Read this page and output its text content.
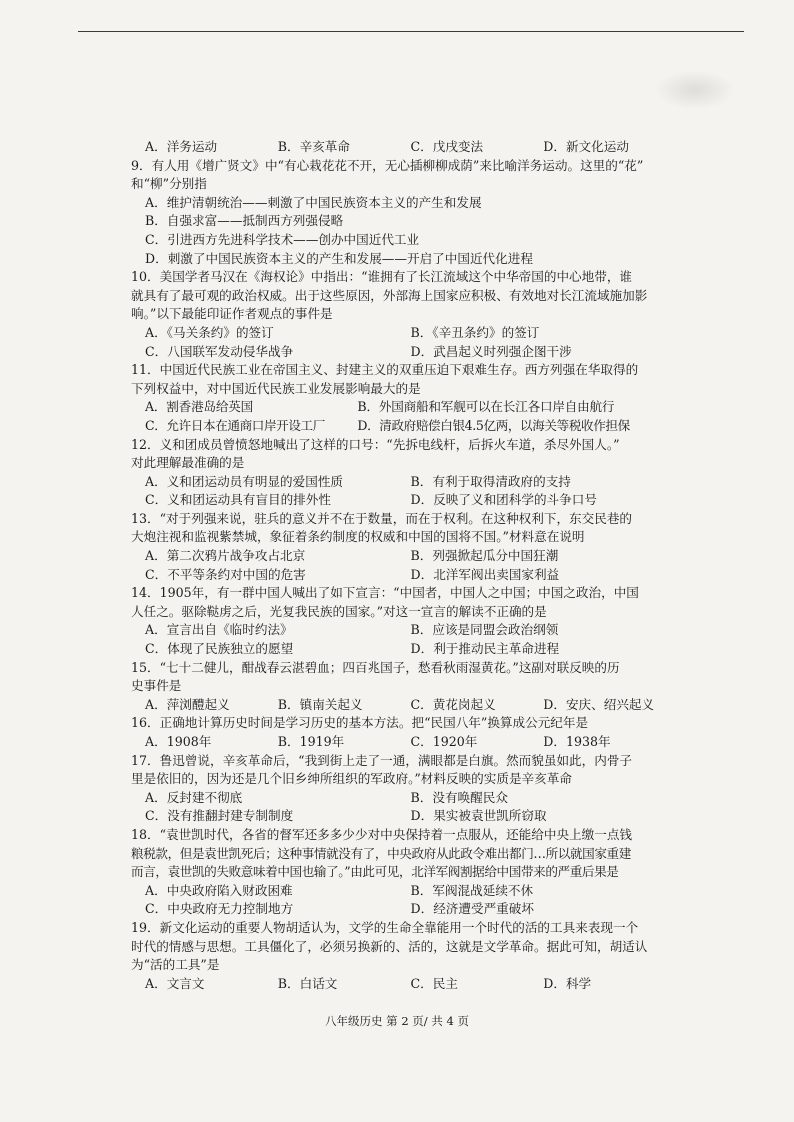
A．洋务运动	B．辛亥革命	C．戊戌变法	D．新文化运动
9．有人用《增广贤文》中“有心栽花花不开，无心插柳柳成荫”来比喻洋务运动。这里的“花”
和“柳”分别指
A．维护清朝统治——刺激了中国民族资本主义的产生和发展
B．自强求富——抵制西方列强侵略
C．引进西方先进科学技术——创办中国近代工业
D．刺激了中国民族资本主义的产生和发展——开启了中国近代化进程
10．美国学者马汉在《海权论》中指出：“谁拥有了长江流域这个中华帝国的中心地带，谁
就具有了最可观的政治权威。出于这些原因，外部海上国家应积极、有效地对长江流域施加影
响。”以下最能印证作者观点的事件是
A．《马关条约》的签订	B．《辛丑条约》的签订
C．八国联军发动侵华战争	D．武昌起义时列强企图干涉
11．中国近代民族工业在帝国主义、封建主义的双重压迫下艰难生存。西方列强在华取得的
下列权益中，对中国近代民族工业发展影响最大的是
A．割香港岛给英国	B．外国商船和军舰可以在长江各口岸自由航行
C．允许日本在通商口岸开设工厂	D．清政府赔偿白银4.5亿两，以海关等税收作担保
12．义和团成员曾愤怒地喊出了这样的口号：“先拆电线杆，后拆火车道，杀尽外国人。”
对此理解最准确的是
A．义和团运动员有明显的爱国性质	B．有利于取得清政府的支持
C．义和团运动具有盲目的排外性	D．反映了义和团科学的斗争口号
13．“对于列强来说，驻兵的意义并不在于数量，而在于权利。在这种权利下，东交民巷的
大炮注视和监视紫禁城，象征着条约制度的权威和中国的国将不国。”材料意在说明
A．第二次鸦片战争攻占北京	B．列强掀起瓜分中国狂潮
C．不平等条约对中国的危害	D．北洋军阀出卖国家利益
14．1905年，有一群中国人喊出了如下宣言：“中国者，中国人之中国；中国之政治，中国
人任之。驱除鞑虏之后，光复我民族的国家。”对这一宣言的解读不正确的是
A．宣言出自《临时约法》	B．应该是同盟会政治纲领
C．体现了民族独立的愿望	D．利于推动民主革命进程
15．“七十二健儿，酣战春云湛碧血；四百兆国子，愁看秋雨湿黄花。”这副对联反映的历
史事件是
A．萍浏醴起义	B．镇南关起义	C．黄花岗起义	D．安庆、绍兴起义
16．正确地计算历史时间是学习历史的基本方法。把“民国八年”换算成公元纪年是
A．1908年	B．1919年	C．1920年	D．1938年
17．鲁迅曾说，辛亥革命后，“我到街上走了一通，满眼都是白旗。然而貌虽如此，内骨子
里是依旧的，因为还是几个旧乡绅所组织的军政府。”材料反映的实质是辛亥革命
A．反封建不彻底	B．没有唤醒民众
C．没有推翻封建专制制度	D．果实被袁世凯所窃取
18．“袁世凯时代，各省的督军还多多少少对中央保持着一点服从，还能给中央上缴一点钱
粮税款，但是袁世凯死后；这种事情就没有了，中央政府从此政令难出都门…所以就国家重建
而言，袁世凯的失败意味着中国也输了。”由此可见，北洋军阀割据给中国带来的严重后果是
A．中央政府陷入财政困难	B．军阀混战延续不休
C．中央政府无力控制地方	D．经济遭受严重破坏
19．新文化运动的重要人物胡适认为，文学的生命全靠能用一个时代的活的工具来表现一个
时代的情感与思想。工具僵化了，必须另换新的、活的，这就是文学革命。据此可知，胡适认
为“活的工具”是
A．文言文	B．白话文	C．民主	D．科学
八年级历史 第 2 页/ 共 4 页
